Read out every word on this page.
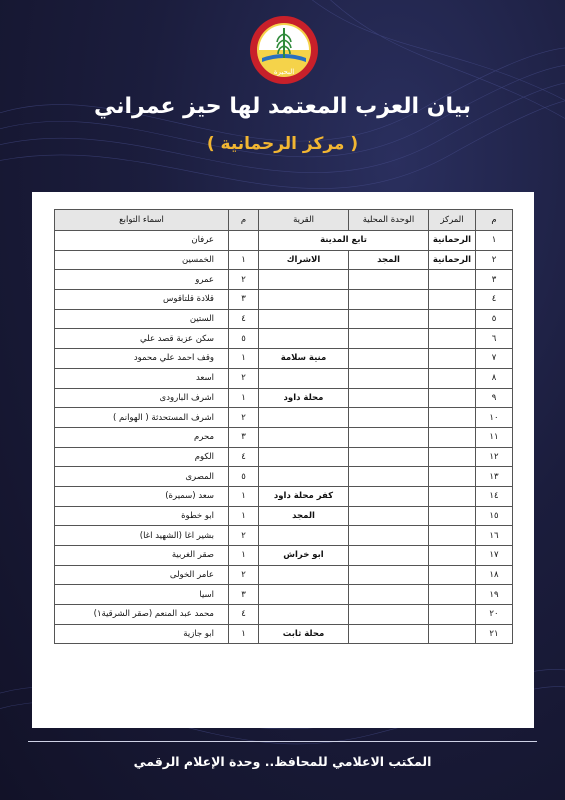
البحيرة
بيان العزب المعتمد لها حيز عمراني
( مركز الرحمانية )
م	المركز	الوحدة المحلية	القرية	م	اسماء التوابع
١	الرحمانية	تابع المدينة			عرفان
٢	الرحمانية	المجد	الاشراك	١	الخمسين
٣				٢	عمرو
٤				٣	قلادة قلتاقوس
٥				٤	الستين
٦				٥	سكن عزبة قصد علي
٧			منية سلامة	١	وقف احمد علي محمود
٨				٢	اسعد
٩			محلة داود	١	اشرف البارودى
١٠				٢	اشرف المستحدثة ( الهوانم )
١١				٣	محرم
١٢				٤	الكوم
١٣				٥	المصرى
١٤			كفر محلة داود	١	سعد (سميرة)
١٥			المجد	١	ابو خطوة
١٦				٢	بشير اغا (الشهيد اغا)
١٧			ابو خراش	١	صقر الغربية
١٨				٢	عامر الخولى
١٩				٣	اسيا
٢٠				٤	محمد عبد المنعم (صقر الشرقية١)
٢١			محلة ثابت	١	ابو جازية
المكتب الاعلامي للمحافظ.. وحدة الإعلام الرقمي
